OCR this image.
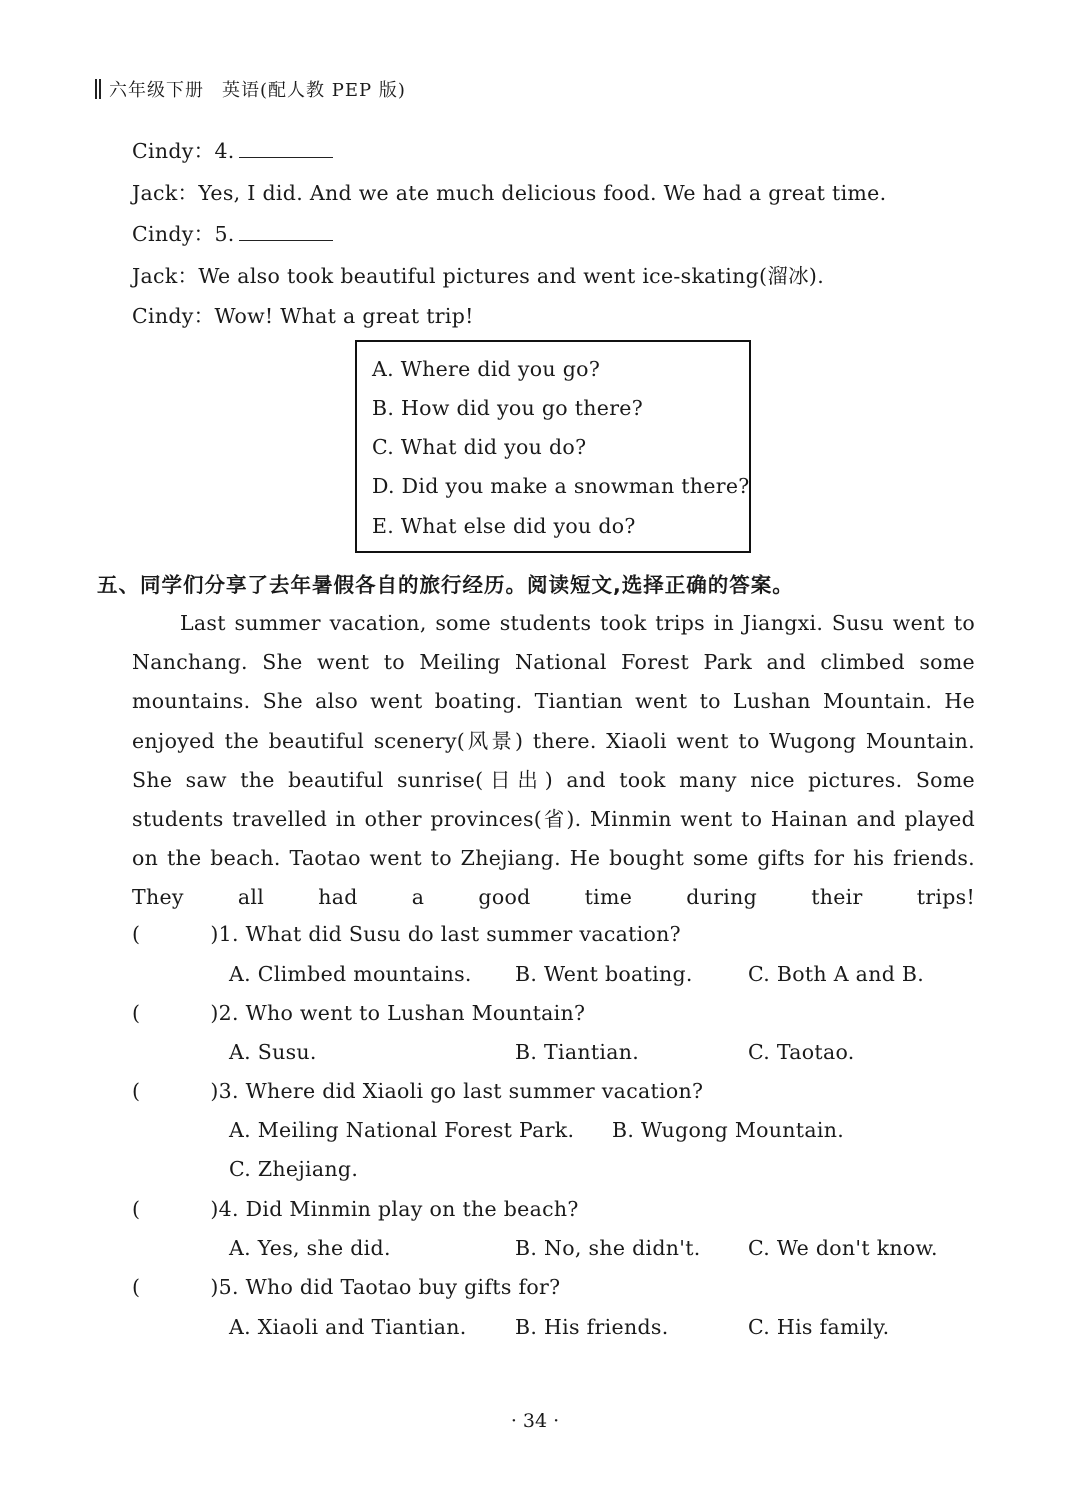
六年级下册 英语(配人教 PEP 版)
Cindy：4.
Jack：Yes, I did. And we ate much delicious food. We had a great time.
Cindy：5.
Jack：We also took beautiful pictures and went ice-skating(溜冰).
Cindy：Wow! What a great trip!
A. Where did you go?
B. How did you go there?
C. What did you do?
D. Did you make a snowman there?
E. What else did you do?
五、同学们分享了去年暑假各自的旅行经历。阅读短文,选择正确的答案。
Last summer vacation, some students took trips in Jiangxi. Susu went to Nanchang. She went to Meiling National Forest Park and climbed some mountains. She also went boating. Tiantian went to Lushan Mountain. He enjoyed the beautiful scenery(风景) there. Xiaoli went to Wugong Mountain. She saw the beautiful sunrise(日出) and took many nice pictures. Some students travelled in other provinces(省). Minmin went to Hainan and played on the beach. Taotao went to Zhejiang. He bought some gifts for his friends. They all had a good time during their trips!
(	)1. What did Susu do last summer vacation?
A. Climbed mountains. B. Went boating.	C. Both A and B.
(	)2. Who went to Lushan Mountain?
A. Susu.	B. Tiantian.	C. Taotao.
(	)3. Where did Xiaoli go last summer vacation?
A. Meiling National Forest Park. B. Wugong Mountain.
C. Zhejiang.
(	)4. Did Minmin play on the beach?
A. Yes, she did.	B. No, she didn't. C. We don't know.
(	)5. Who did Taotao buy gifts for?
A. Xiaoli and Tiantian. B. His friends.	C. His family.
· 34 ·
